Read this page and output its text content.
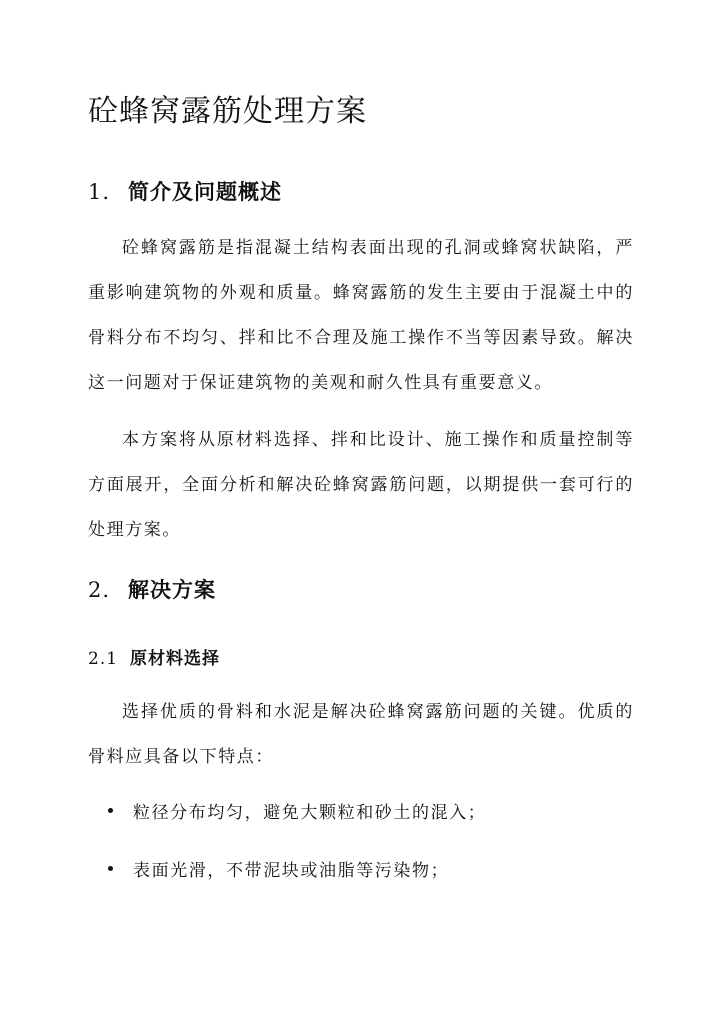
砼蜂窝露筋处理方案
1. 简介及问题概述

砼蜂窝露筋是指混凝土结构表面出现的孔洞或蜂窝状缺陷，严重影响建筑物的外观和质量。蜂窝露筋的发生主要由于混凝土中的骨料分布不均匀、拌和比不合理及施工操作不当等因素导致。解决这一问题对于保证建筑物的美观和耐久性具有重要意义。

本方案将从原材料选择、拌和比设计、施工操作和质量控制等方面展开，全面分析和解决砼蜂窝露筋问题，以期提供一套可行的处理方案。

2. 解决方案
2.1 原材料选择

选择优质的骨料和水泥是解决砼蜂窝露筋问题的关键。优质的骨料应具备以下特点：

粒径分布均匀，避免大颗粒和砂土的混入；
表面光滑，不带泥块或油脂等污染物；
